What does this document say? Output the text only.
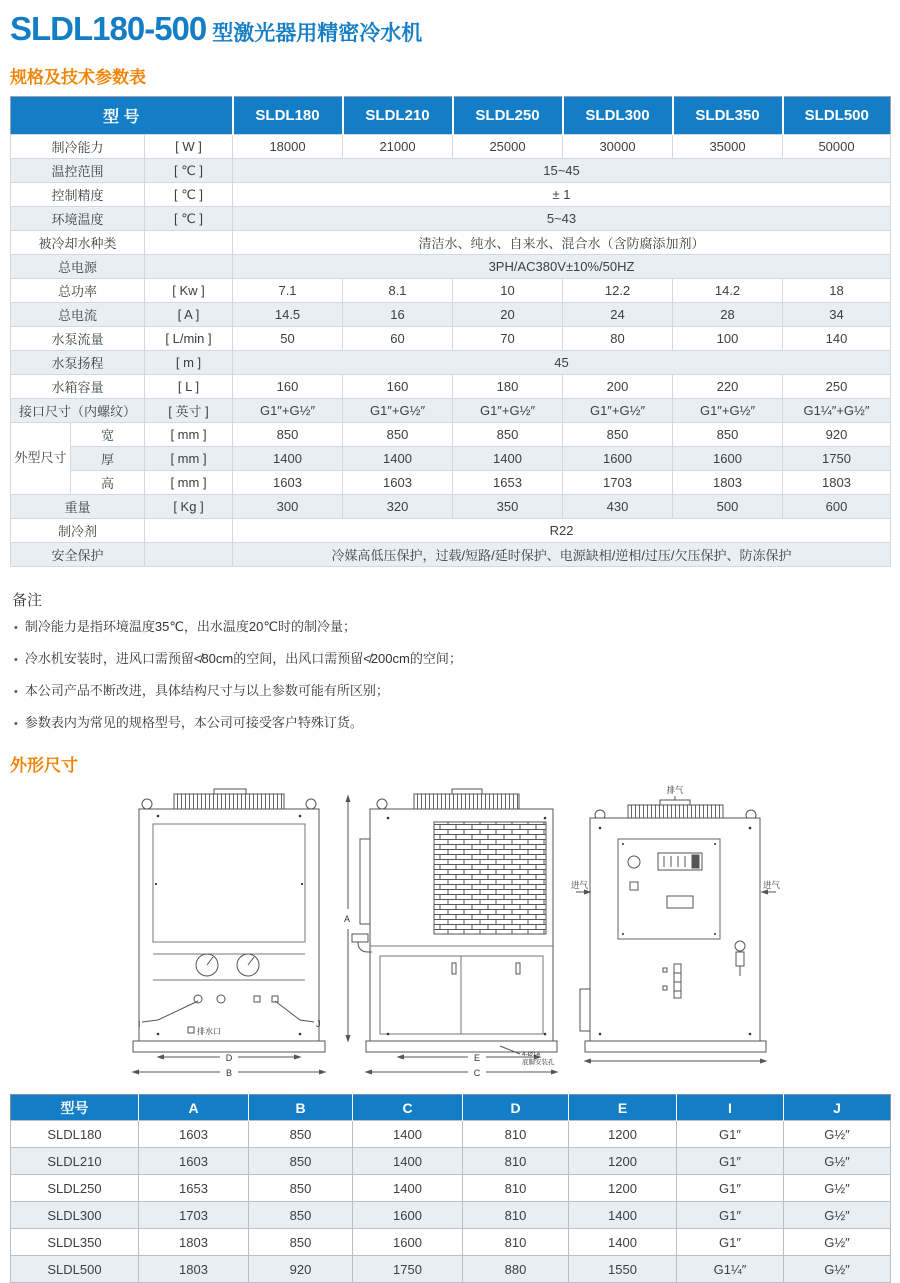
SLDL180-500 型激光器用精密冷水机
规格及技术参数表
型 号			SLDL180	SLDL210	SLDL250	SLDL300	SLDL350	SLDL500
制冷能力		[ W ]	18000	21000	25000	30000	35000	50000
温控范围		[ ℃ ]	15~45					
控制精度		[ ℃ ]	± 1					
环境温度		[ ℃ ]	5~43					
被冷却水种类			清洁水、纯水、自来水、混合水（含防腐添加剂）					
总电源			3PH/AC380V±10%/50HZ					
总功率		[ Kw ]	7.1	8.1	10	12.2	14.2	18
总电流		[ A ]	14.5	16	20	24	28	34
水泵流量		[ L/min ]	50	60	70	80	100	140
水泵扬程		[ m ]	45					
水箱容量		[ L ]	160	160	180	200	220	250
接口尺寸（内螺纹）		[ 英寸 ]	G1″+G½″	G1″+G½″	G1″+G½″	G1″+G½″	G1″+G½″	G1¼″+G½″
外型尺寸	宽	[ mm ]	850	850	850	850	850	920
	厚	[ mm ]	1400	1400	1400	1600	1600	1750
	高	[ mm ]	1603	1603	1653	1703	1803	1803
重量		[ Kg ]	300	320	350	430	500	600
制冷剂			R22					
安全保护			冷媒高低压保护，过载/短路/延时保护、电源缺相/逆相/过压/欠压保护、防冻保护					
备注
• 制冷能力是指环境温度35℃，出水温度20℃时的制冷量；
• 冷水机安装时，进风口需预留≮80cm的空间，出风口需预留≮200cm的空间；
• 本公司产品不断改进，具体结构尺寸与以上参数可能有所区别；
• 参数表内为常见的规格型号，本公司可接受客户特殊订货。
外形尺寸
I	J
排水口
D
B
A
E
C
4-Ø14
底脚安装孔
排气
进气	进气
型号	A	B	C	D	E	I	J
SLDL180	1603	850	1400	810	1200	G1″	G½″
SLDL210	1603	850	1400	810	1200	G1″	G½″
SLDL250	1653	850	1400	810	1200	G1″	G½″
SLDL300	1703	850	1600	810	1400	G1″	G½″
SLDL350	1803	850	1600	810	1400	G1″	G½″
SLDL500	1803	920	1750	880	1550	G1¼″	G½″
